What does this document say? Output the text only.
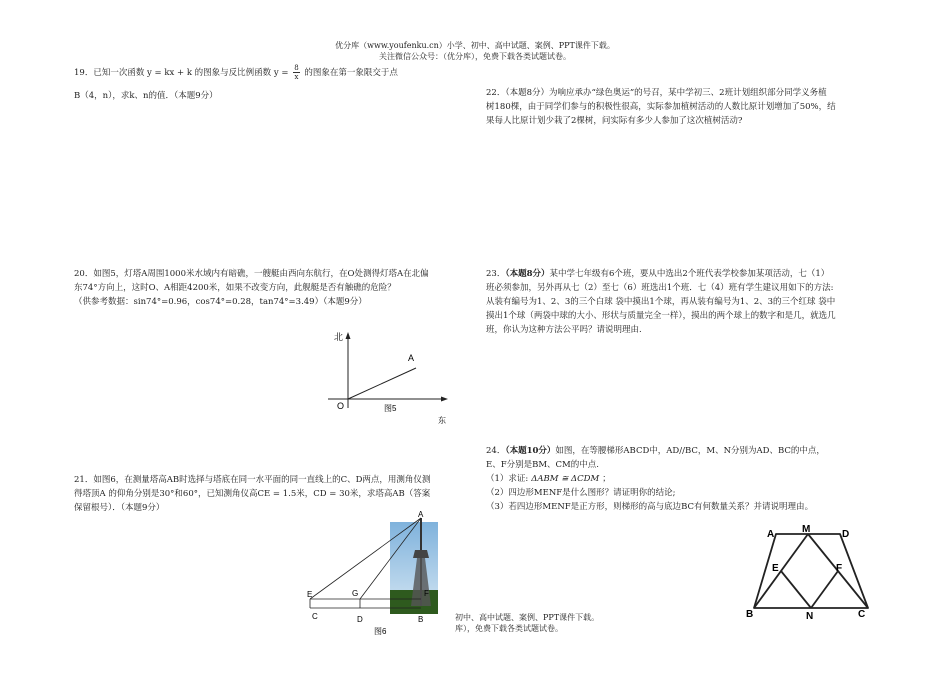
优分库（www.youfenku.cn）小学、初中、高中试题、案例、PPT课件下载。
关注微信公众号：（优分库），免费下载各类试题试卷。
19．已知一次函数 y = kx + k 的图象与反比例函数 $y = \frac{8}{x}$ 的图象在第一象限交于点
B（4，n），求k、n的值．（本题9分）
20．如图5，灯塔A周围1000米水域内有暗礁，一艘艇由西向东航行，在O处测得灯塔A在北偏
东74°方向上，这时O、A相距4200米，如果不改变方向，此舰艇是否有触礁的危险？
（供参考数据：sin74°=0.96，cos74°=0.28，tan74°=3.49）（本题9分）
北
东
A
O	图5
21．如图6，在测量塔高AB时选择与塔底在同一水平面的同一直线上的C、D两点，用测角仪测
得塔顶A 的仰角分别是30°和60°，已知测角仪高CE = 1.5米，CD = 30米，求塔高AB（答案
保留根号）．（本题9分）
A
E	G	F
C	D	B
图6
初中、高中试题、案例、PPT课件下载。
库），免费下载各类试题试卷。
22．（本题8分）为响应承办“绿色奥运”的号召，某中学初三、2班计划组织部分同学义务植
树180棵，由于同学们参与的积极性很高，实际参加植树活动的人数比原计划增加了50%，结
果每人比原计划少栽了2棵树，问实际有多少人参加了这次植树活动?
23．（本题8分）某中学七年级有6个班，要从中选出2个班代表学校参加某项活动，七（1）
班必须参加，另外再从七（2）至七（6）班选出1个班．七（4）班有学生建议用如下的方法:
从装有编号为1、2、3的三个白球 袋中摸出1个球，再从装有编号为1、2、3的三个红球 袋中
摸出1个球（两袋中球的大小、形状与质量完全一样），摸出的两个球上的数字和是几，就选几
班，你认为这种方法公平吗？请说明理由.
24．（本题10分）如图，在等腰梯形ABCD中，AD//BC，M、N分别为AD、BC的中点，
E、F分别是BM、CM的中点.
（1）求证: ΔABM ≅ ΔCDM ；
（2）四边形MENF是什么图形？请证明你的结论;
（3）若四边形MENF是正方形，则梯形的高与底边BC有何数量关系？并请说明理由。
A	M	D
E	F
B	N	C
